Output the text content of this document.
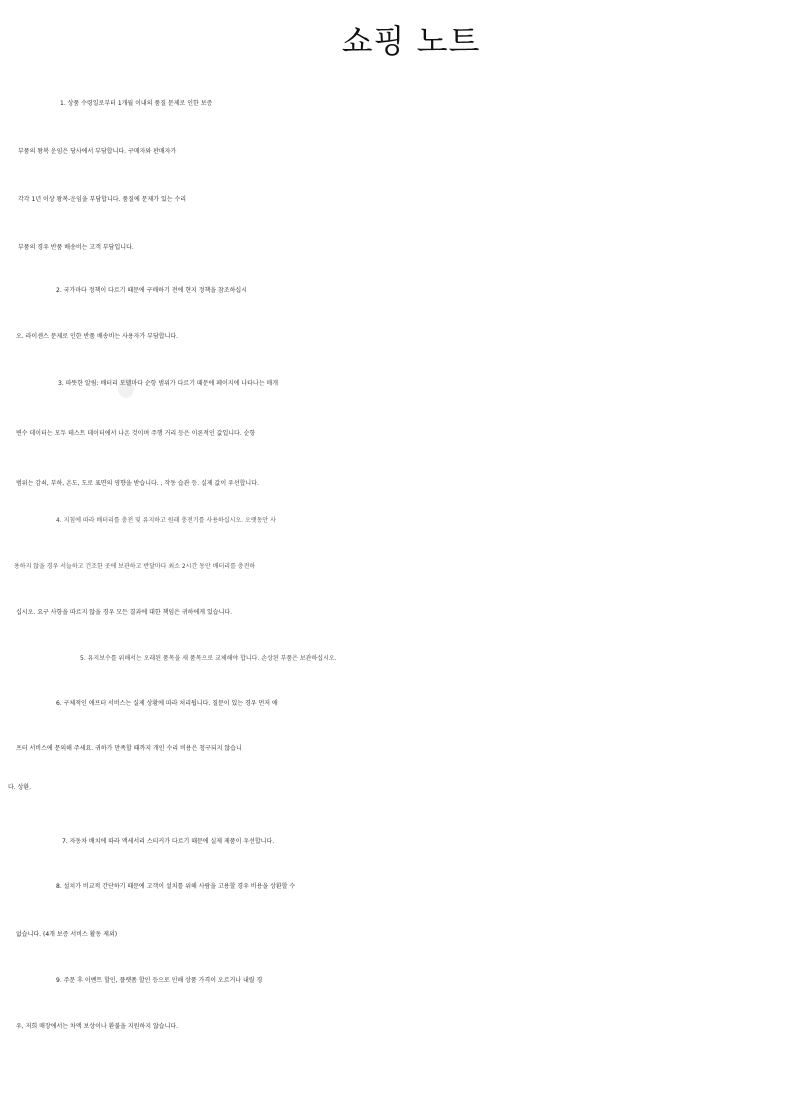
쇼핑 노트
1. 상품 수령일로부터 1개월 이내의 품질 문제로 인한 보증
부품의 왕복 운임은 당사에서 부담합니다. 구매자와 판매자가
각각 1년 이상 왕복-운임을 부담합니다. 품질에 문제가 있는 수리
부품의 경우 반품 배송비는 고객 부담입니다.
2. 국가마다 정책이 다르기 때문에 구매하기 전에 현지 정책을 참조하십시
오. 라이센스 문제로 인한 반품 배송비는 사용자가 부담합니다.
3. 따뜻한 알림: 배터리 모델마다 순항 범위가 다르기 때문에 페이지에 나타나는 매개
변수 데이터는 모두 테스트 데이터에서 나온 것이며 주행 거리 등은 이론적인 값입니다. 순항
범위는 감쇠, 부하, 온도, 도로 표면의 영향을 받습니다. , 작동 습관 등. 실제 값이 우선합니다.
4. 지침에 따라 배터리를 충전 및 유지하고 원래 충전기를 사용하십시오. 오랫동안 사
용하지 않을 경우 서늘하고 건조한 곳에 보관하고 반달마다 최소 2시간 동안 배터리를 충전하
십시오. 요구 사항을 따르지 않을 경우 모든 결과에 대한 책임은 귀하에게 있습니다.
5. 유지보수를 위해서는 오래된 품목을 새 품목으로 교체해야 합니다. 손상된 부품은 보관하십시오.
6. 구체적인 애프터 서비스는 실제 상황에 따라 처리됩니다. 질문이 있는 경우 먼저 애
프터 서비스에 문의해 주세요. 귀하가 만족할 때까지 개인 수리 비용은 청구되지 않습니
다. 상환.
7. 자동차 배치에 따라 액세서리 스티커가 다르기 때문에 실제 제품이 우선합니다.
8. 설치가 비교적 간단하기 때문에 고객이 설치를 위해 사람을 고용할 경우 비용을 상환할 수
없습니다. (4개 보증 서비스 활동 제외)
9. 주문 후 이벤트 할인, 플랫폼 할인 등으로 인해 상품 가격이 오르거나 내릴 경
우, 저희 매장에서는 차액 보상이나 환불을 지원하지 않습니다.
